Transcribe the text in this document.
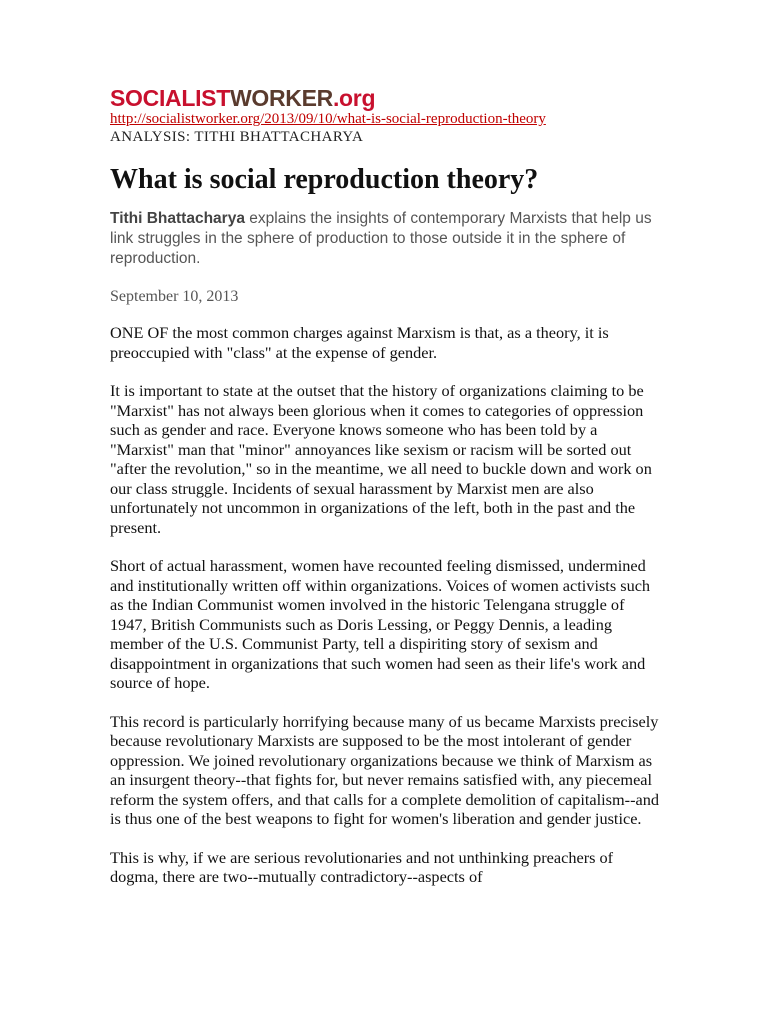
SOCIALISTWORKER.org
http://socialistworker.org/2013/09/10/what-is-social-reproduction-theory
ANALYSIS: TITHI BHATTACHARYA
What is social reproduction theory?
Tithi Bhattacharya explains the insights of contemporary Marxists that help us link struggles in the sphere of production to those outside it in the sphere of reproduction.
September 10, 2013

ONE OF the most common charges against Marxism is that, as a theory, it is preoccupied with "class" at the expense of gender.

It is important to state at the outset that the history of organizations claiming to be "Marxist" has not always been glorious when it comes to categories of oppression such as gender and race. Everyone knows someone who has been told by a "Marxist" man that "minor" annoyances like sexism or racism will be sorted out "after the revolution," so in the meantime, we all need to buckle down and work on our class struggle. Incidents of sexual harassment by Marxist men are also unfortunately not uncommon in organizations of the left, both in the past and the present.

Short of actual harassment, women have recounted feeling dismissed, undermined and institutionally written off within organizations. Voices of women activists such as the Indian Communist women involved in the historic Telengana struggle of 1947, British Communists such as Doris Lessing, or Peggy Dennis, a leading member of the U.S. Communist Party, tell a dispiriting story of sexism and disappointment in organizations that such women had seen as their life's work and source of hope.

This record is particularly horrifying because many of us became Marxists precisely because revolutionary Marxists are supposed to be the most intolerant of gender oppression. We joined revolutionary organizations because we think of Marxism as an insurgent theory--that fights for, but never remains satisfied with, any piecemeal reform the system offers, and that calls for a complete demolition of capitalism--and is thus one of the best weapons to fight for women's liberation and gender justice.

This is why, if we are serious revolutionaries and not unthinking preachers of dogma, there are two--mutually contradictory--aspects of
